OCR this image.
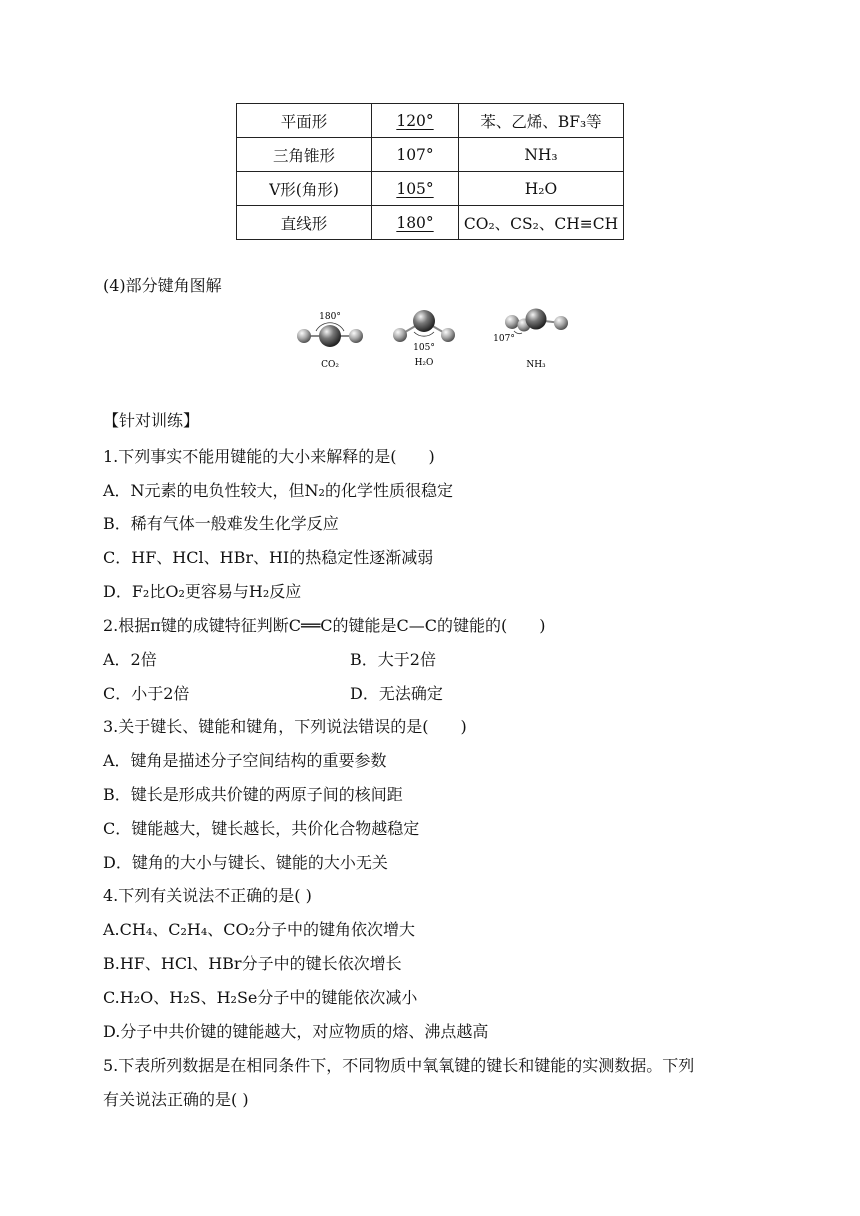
平面形	120°	苯、乙烯、BF₃等
三角锥形	107°	NH₃
V形(角形)	105°	H₂O
直线形	180°	CO₂、CS₂、CH≡CH
(4)部分键角图解
180°
CO₂
105°
H₂O
107°
NH₃
【针对训练】
1.下列事实不能用键能的大小来解释的是(　　)
A．N元素的电负性较大，但N₂的化学性质很稳定
B．稀有气体一般难发生化学反应
C．HF、HCl、HBr、HI的热稳定性逐渐减弱
D．F₂比O₂更容易与H₂反应
2.根据π键的成键特征判断C══C的键能是C—C的键能的(　　)
A．2倍	B．大于2倍
C．小于2倍	D．无法确定
3.关于键长、键能和键角，下列说法错误的是(　　)
A．键角是描述分子空间结构的重要参数
B．键长是形成共价键的两原子间的核间距
C．键能越大，键长越长，共价化合物越稳定
D．键角的大小与键长、键能的大小无关
4.下列有关说法不正确的是( )
A.CH₄、C₂H₄、CO₂分子中的键角依次增大
B.HF、HCl、HBr分子中的键长依次增长
C.H₂O、H₂S、H₂Se分子中的键能依次减小
D.分子中共价键的键能越大，对应物质的熔、沸点越高
5.下表所列数据是在相同条件下，不同物质中氧氧键的键长和键能的实测数据。下列
有关说法正确的是( )
